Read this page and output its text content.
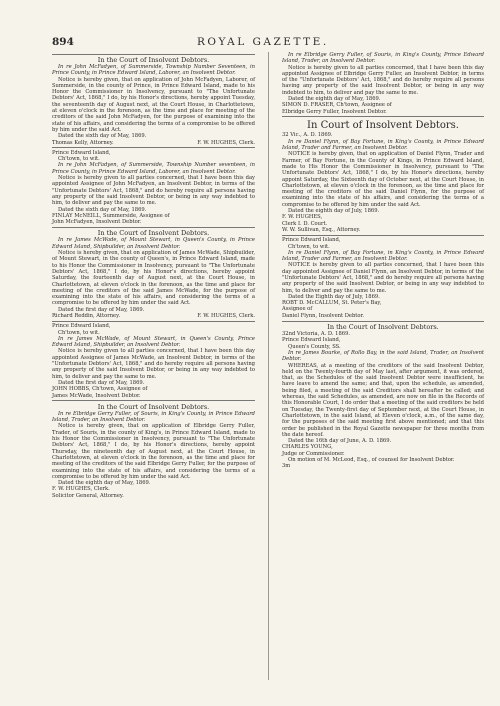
894	ROYAL GAZETTE.
In the Court of Insolvent Debtors.

In re John McFadyen, of Summerside, Township Number Seventeen, in Prince County, in Prince Edward Island, Laborer, an Insolvent Debtor.

Notice is hereby given, that on application of John McFadyen, Laborer, of Summerside, in the county of Prince, in Prince Edward Island, made to his Honor the Commissioner in Insolvency, pursuant to "The Unfortunate Debtors' Act, 1868," I do, by his Honor's directions, hereby appoint Tuesday, the seventeenth day of August next, at the Court House, in Charlottetown, at eleven o'clock in the forenoon, as the time and place for meeting of the creditors of the said John McFadyen, for the purpose of examining into the state of his affairs, and considering the terms of a compromise to be offered by him under the said Act.

Dated the sixth day of May, 1869.

Thomas Kelly, Attorney.	F. W. HUGHES, Clerk.

Prince Edward Island,

Ch'town, to wit.

In re John McFadyen, of Summerside, Township Number seventeen, in Prince County, in Prince Edward Island, Laborer, an Insolvent Debtor.

Notice is hereby given to all parties concerned, that I have been this day appointed Assignee of John McFadyen, an Insolvent Debtor, in terms of the "Unfortunate Debtors' Act, 1868," and do hereby require all persons having any property of the said Insolvent Debtor, or being in any way indebted to him, to deliver and pay the same to me.

Dated the sixth day of May, 1869.

FINLAY McNEILL, Summerside, Assignee of

John McFadyen, Insolvent Debtor.

In the Court of Insolvent Debtors.

In re James McWade, of Mount Stewart, in Queen's County, in Prince Edward Island, Shipbuilder, an Insolvent Debtor.

Notice is hereby given, that on application of James McWade, Shipbuilder, of Mount Stewart, in the county of Queen's, in Prince Edward Island, made to his Honor the Commissioner in Insolvency, pursuant to "The Unfortunate Debtors' Act, 1868," I do, by his Honor's directions, hereby appoint Saturday, the fourteenth day of August next, at the Court House, in Charlottetown, at eleven o'clock in the forenoon, as the time and place for meeting of the creditors of the said James McWade, for the purpose of examining into the state of his affairs, and considering the terms of a compromise to be offered by him under the said Act.

Dated the first day of May, 1869.

Richard Reddin, Attorney.	F. W. HUGHES, Clerk.

Prince Edward Island,

Ch'town, to wit.

In re James McWade, of Mount Stewart, in Queen's County, Prince Edward Island, Shipbuilder, an Insolvent Debtor.

Notice is hereby given to all parties concerned, that I have been this day appointed Assignee of James McWade, an Insolvent Debtor, in terms of the "Unfortunate Debtors' Act, 1868," and do hereby require all persons having any property of the said Insolvent Debtor, or being in any way indebted to him, to deliver and pay the same to me.

Dated the first day of May, 1869.

JOHN HOBBS, Ch'town, Assignee of

James McWade, Insolvent Debtor.

In the Court of Insolvent Debtors.

In re Elbridge Gerry Fuller, of Souris, in King's County, in Prince Edward Island, Trader, an Insolvent Debtor.

Notice is hereby given, that on application of Elbridge Gerry Fuller, Trader, of Souris, in the county of King's, in Prince Edward Island, made to his Honor the Commissioner in Insolvency, pursuant to "The Unfortunate Debtors' Act, 1868," I do, by his Honor's directions, hereby appoint Thursday, the nineteenth day of August next, at the Court House, in Charlottetown, at eleven o'clock in the forenoon, as the time and place for meeting of the creditors of the said Elbridge Gerry Fuller, for the purpose of examining into the state of his affairs, and considering the terms of a compromise to be offered by him under the said Act.

Dated the eighth day of May, 1869.

F. W. HUGHES, Clerk.

Solicitor General, Attorney.

In re Elbridge Gerry Fuller, of Souris, in King's County, Prince Edward Island, Trader, an Insolvent Debtor.

Notice is hereby given to all parties concerned, that I have been this day appointed Assignee of Elbridge Gerry Fuller, an Insolvent Debtor, in terms of the "Unfortunate Debtors' Act, 1868," and do hereby require all persons having any property of the said Insolvent Debtor, or being in any way indebted to him, to deliver and pay the same to me.

Dated the eighth day of May, 1869.

SIMON D. FRASER, Ch'town, Assignee of

Elbridge Gerry Fuller, Insolvent Debtor.

In Court of Insolvent Debtors.

32 Vic., A. D. 1869.

In re Daniel Flynn, of Bay Fortune, in King's County, in Prince Edward Island, Trader and Farmer, an Insolvent Debtor.

NOTICE is hereby given, that on application of Daniel Flynn, Trader and Farmer, of Bay Fortune, in the County of Kings, in Prince Edward Island, made to His Honor the Commissioner in Insolvency, pursuant to "The Unfortunate Debtors' Act, 1868," I do, by his Honor's directions, hereby appoint Saturday, the Sixteenth day of October next, at the Court House, in Charlottetown, at eleven o'clock in the forenoon, as the time and place for meeting of the creditors of the said Daniel Flynn, for the purpose of examining into the state of his affairs, and considering the terms of a compromise to be offered by him under the said Act.

Dated the eighth day of July, 1869.

F. W. HUGHES,

Clerk I. D. Court.

W. W. Sullivan, Esq., Attorney.

Prince Edward Island,

Ch'town, to wit.

In re Daniel Flynn, of Bay Fortune, in King's County, in Prince Edward Island, Trader and Farmer, an Insolvent Debtor.

NOTICE is hereby given to all parties concerned, that I have been this day appointed Assignee of Daniel Flynn, an Insolvent Debtor, in terms of the "Unfortunate Debtors' Act, 1868," and do hereby require all persons having any property of the said Insolvent Debtor, or being in any way indebted to him, to deliver and pay the same to me.

Dated the Eighth day of July, 1869.

ROBT D. McCALLUM, St. Peter's Bay,

Assignee of

Daniel Flynn, Insolvent Debtor.

In the Court of Insolvent Debtors.

32nd Victoria, A. D. 1869.

Prince Edward Island,

Queen's County, SS.

In re James Bourke, of Rollo Bay, in the said Island, Trader, an Insolvent Debtor.

WHEREAS, at a meeting of the creditors of the said Insolvent Debtor, held on the Twenty-fourth day of May last, after argument, it was ordered, that, as the Schedules of the said Insolvent Debtor were insufficient, he have leave to amend the same; and that, upon the schedule, as amended, being filed, a meeting of the said Creditors shall hereafter be called; and whereas, the said Schedules, as amended, are now on file in the Records of this Honorable Court, I do order that a meeting of the said creditors be held on Tuesday, the Twenty-first day of September next, at the Court House, in Charlottetown, in the said Island, at Eleven o'clock, a.m., of the same day, for the purposes of the said meeting first above mentioned; and that this order be published in the Royal Gazette newspaper for three months from the date hereof.

Dated the 16th day of June, A. D. 1869.

CHARLES YOUNG,

Judge or Commissioner.

On motion of M. McLeod, Esq., of counsel for Insolvent Debtor.

3m
